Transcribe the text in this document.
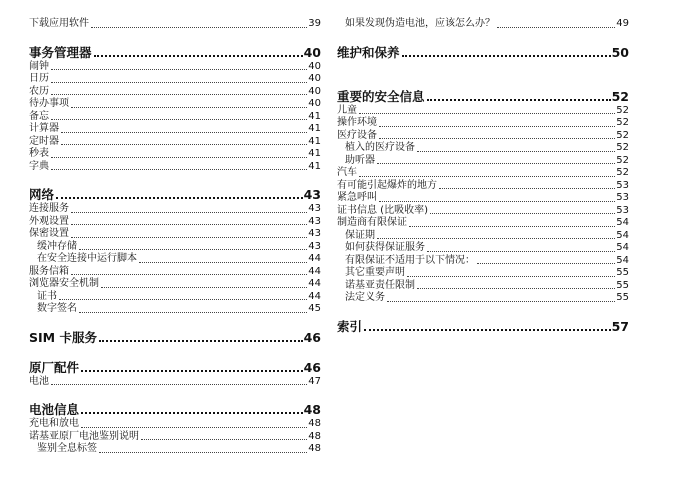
下载应用软件	39
事务管理器	40
闹钟	40
日历	40
农历	40
待办事项	40
备忘	41
计算器	41
定时器	41
秒表	41
字典	41
网络	43
连接服务	43
外观设置	43
保密设置	43
缓冲存储	43
在安全连接中运行脚本	44
服务信箱	44
浏览器安全机制	44
证书	44
数字签名	45
SIM 卡服务	46
原厂配件	46
电池	47
电池信息	48
充电和放电	48
诺基亚原厂电池鉴别说明	48
鉴别全息标签	48
如果发现伪造电池，应该怎么办？	49
维护和保养	50
重要的安全信息	52
儿童	52
操作环境	52
医疗设备	52
植入的医疗设备	52
助听器	52
汽车	52
有可能引起爆炸的地方	53
紧急呼叫	53
证书信息 (比吸收率)	53
制造商有限保证	54
保证期	54
如何获得保证服务	54
有限保证不适用于以下情况：	54
其它重要声明	55
诺基亚责任限制	55
法定义务	55
索引	57
